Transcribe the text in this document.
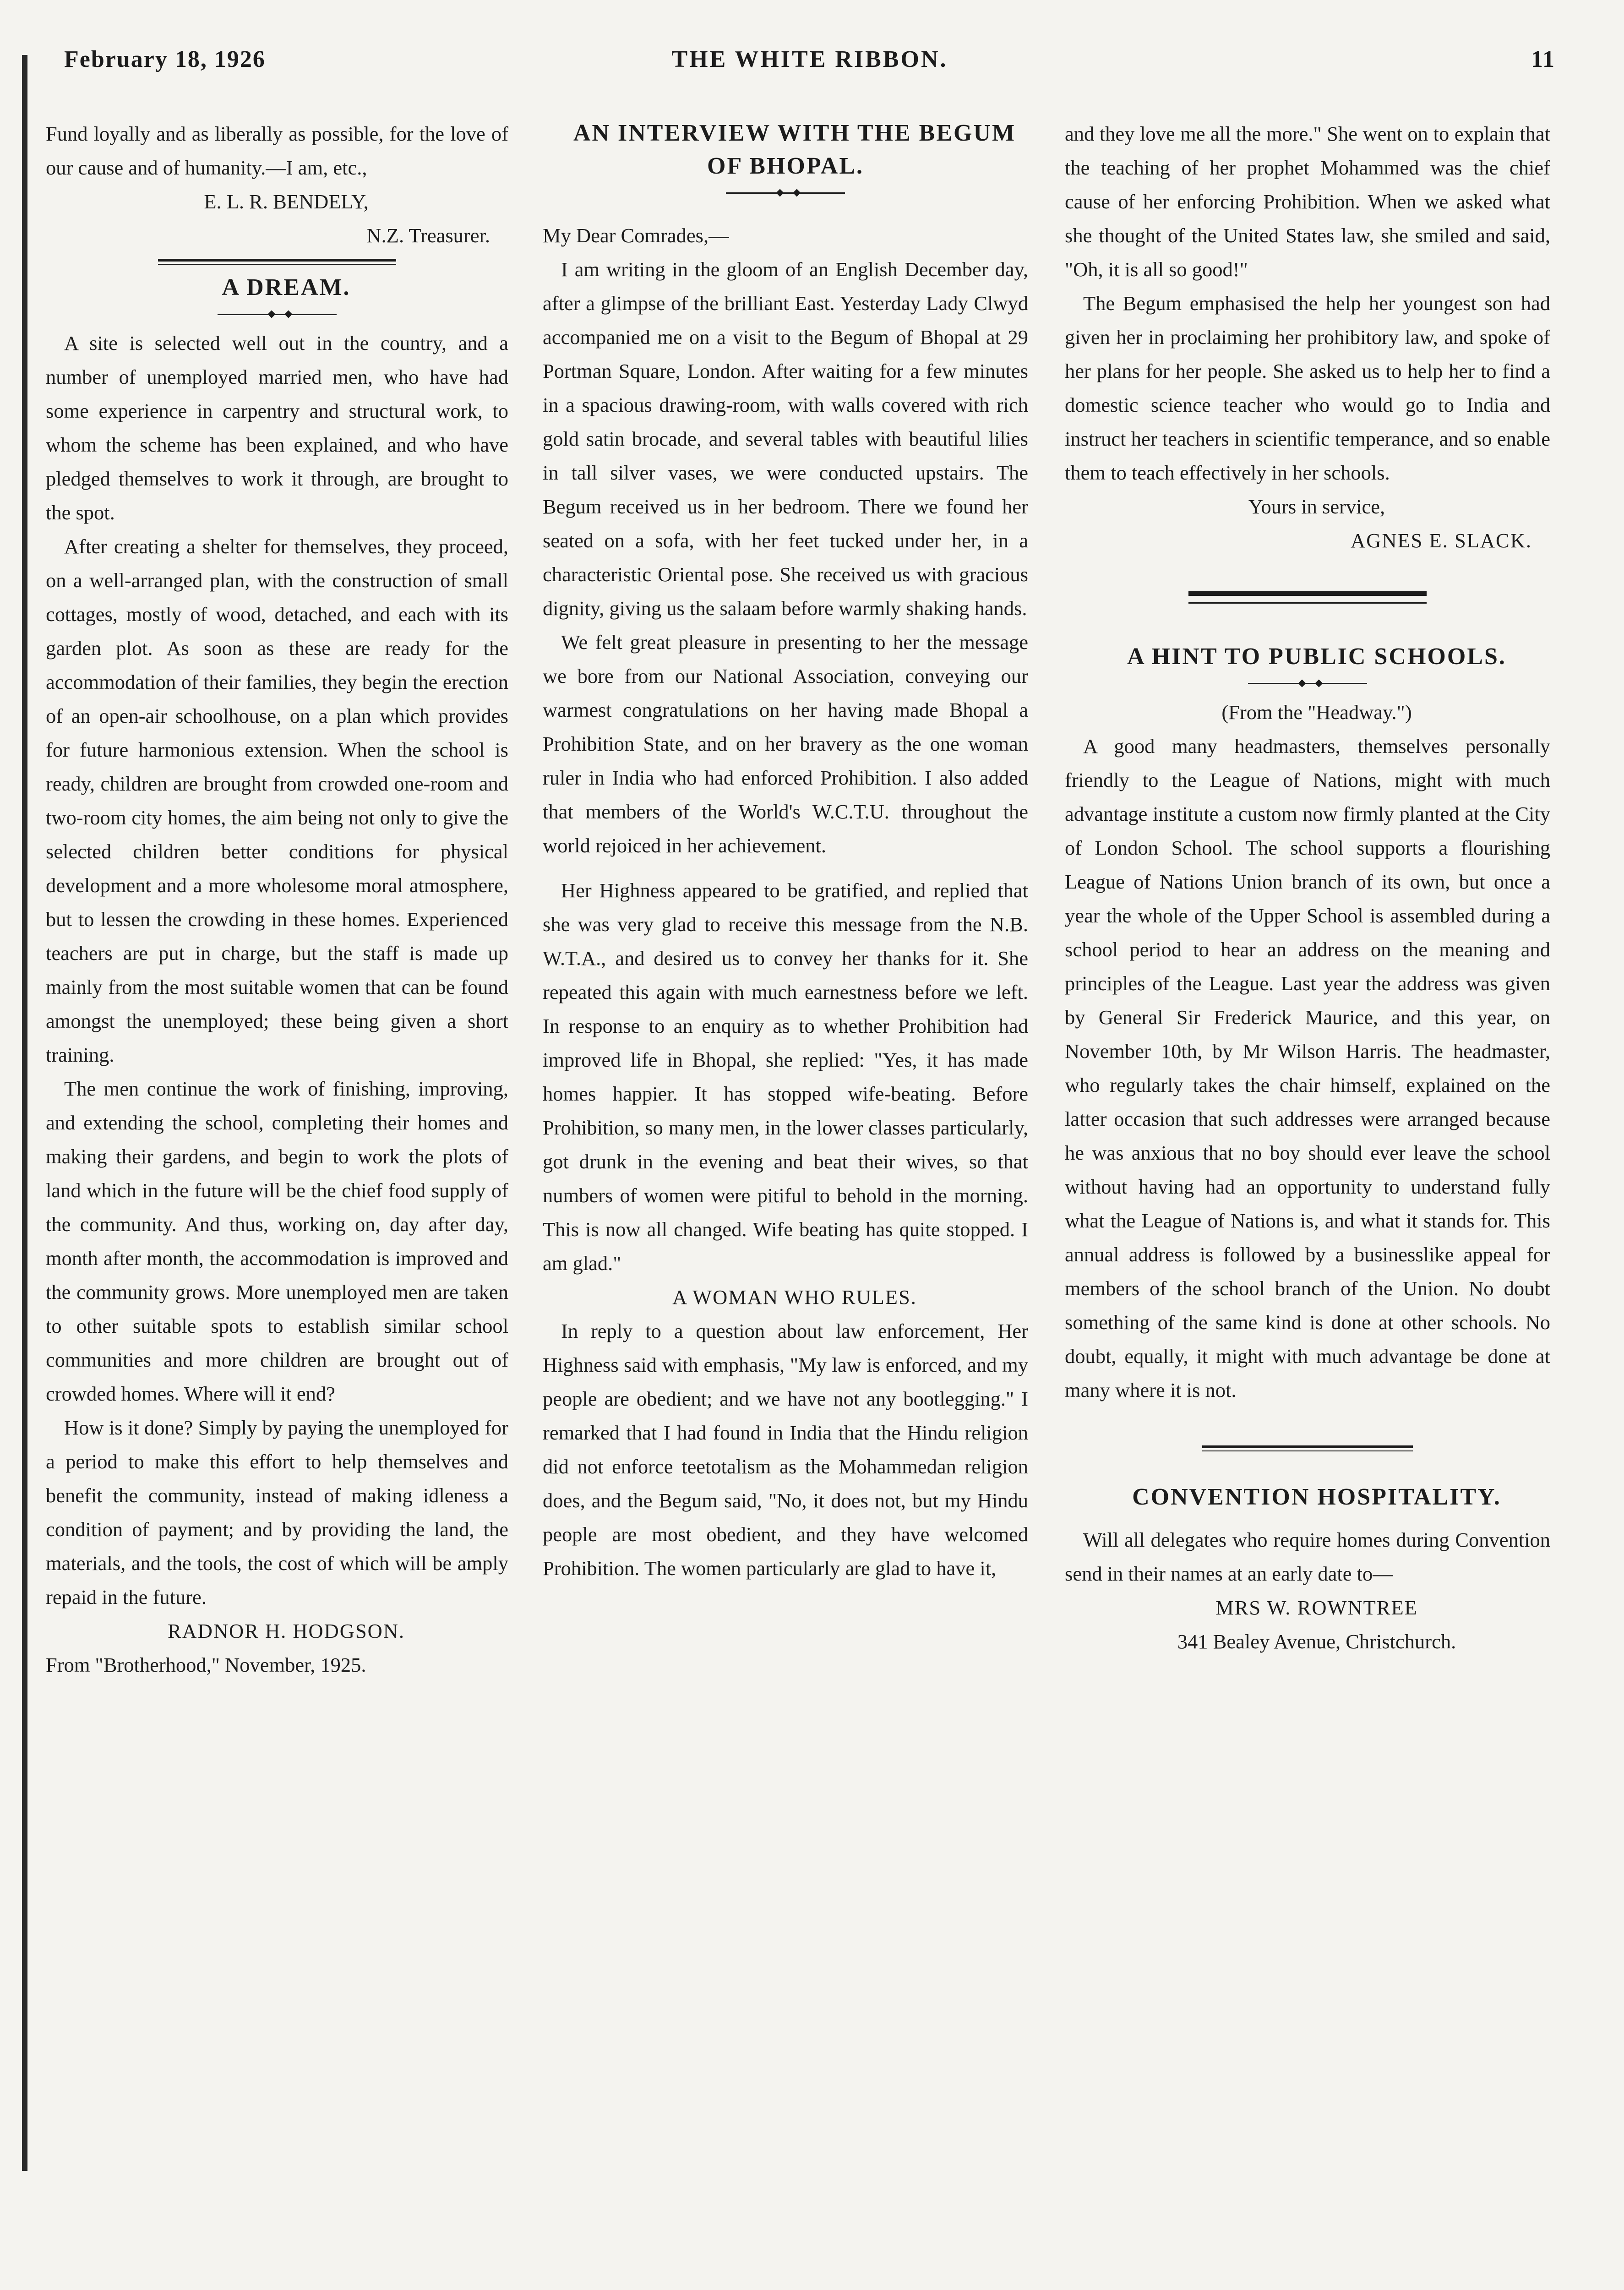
February 18, 1926	THE WHITE RIBBON.	11

Fund loyally and as liberally as possible, for the love of our cause and of humanity.—I am, etc.,

E. L. R. BENDELY,

N.Z. Treasurer.

A DREAM.

A site is selected well out in the country, and a number of unemployed married men, who have had some experience in carpentry and structural work, to whom the scheme has been explained, and who have pledged themselves to work it through, are brought to the spot.

After creating a shelter for themselves, they proceed, on a well-arranged plan, with the construction of small cottages, mostly of wood, detached, and each with its garden plot. As soon as these are ready for the accommodation of their families, they begin the erection of an open-air schoolhouse, on a plan which provides for future harmonious extension. When the school is ready, children are brought from crowded one-room and two-room city homes, the aim being not only to give the selected children better conditions for physical development and a more wholesome moral atmosphere, but to lessen the crowding in these homes. Experienced teachers are put in charge, but the staff is made up mainly from the most suitable women that can be found amongst the unemployed; these being given a short training.

The men continue the work of finishing, improving, and extending the school, completing their homes and making their gardens, and begin to work the plots of land which in the future will be the chief food supply of the community. And thus, working on, day after day, month after month, the accommodation is improved and the community grows. More unemployed men are taken to other suitable spots to establish similar school communities and more children are brought out of crowded homes. Where will it end?

How is it done? Simply by paying the unemployed for a period to make this effort to help themselves and benefit the community, instead of making idleness a condition of payment; and by providing the land, the materials, and the tools, the cost of which will be amply repaid in the future.

RADNOR H. HODGSON.

From "Brotherhood," November, 1925.

AN INTERVIEW WITH THE BEGUM OF BHOPAL.

My Dear Comrades,—

I am writing in the gloom of an English December day, after a glimpse of the brilliant East. Yesterday Lady Clwyd accompanied me on a visit to the Begum of Bhopal at 29 Portman Square, London. After waiting for a few minutes in a spacious drawing-room, with walls covered with rich gold satin brocade, and several tables with beautiful lilies in tall silver vases, we were conducted upstairs. The Begum received us in her bedroom. There we found her seated on a sofa, with her feet tucked under her, in a characteristic Oriental pose. She received us with gracious dignity, giving us the salaam before warmly shaking hands.

We felt great pleasure in presenting to her the message we bore from our National Association, conveying our warmest congratulations on her having made Bhopal a Prohibition State, and on her bravery as the one woman ruler in India who had enforced Prohibition. I also added that members of the World's W.C.T.U. throughout the world rejoiced in her achievement.

Her Highness appeared to be gratified, and replied that she was very glad to receive this message from the N.B. W.T.A., and desired us to convey her thanks for it. She repeated this again with much earnestness before we left. In response to an enquiry as to whether Prohibition had improved life in Bhopal, she replied: "Yes, it has made homes happier. It has stopped wife-beating. Before Prohibition, so many men, in the lower classes particularly, got drunk in the evening and beat their wives, so that numbers of women were pitiful to behold in the morning. This is now all changed. Wife beating has quite stopped. I am glad."

A WOMAN WHO RULES.

In reply to a question about law enforcement, Her Highness said with emphasis, "My law is enforced, and my people are obedient; and we have not any bootlegging." I remarked that I had found in India that the Hindu religion did not enforce teetotalism as the Mohammedan religion does, and the Begum said, "No, it does not, but my Hindu people are most obedient, and they have welcomed Prohibition. The women particularly are glad to have it,

and they love me all the more." She went on to explain that the teaching of her prophet Mohammed was the chief cause of her enforcing Prohibition. When we asked what she thought of the United States law, she smiled and said, "Oh, it is all so good!"

The Begum emphasised the help her youngest son had given her in proclaiming her prohibitory law, and spoke of her plans for her people. She asked us to help her to find a domestic science teacher who would go to India and instruct her teachers in scientific temperance, and so enable them to teach effectively in her schools.

Yours in service,

AGNES E. SLACK.

A HINT TO PUBLIC SCHOOLS.

(From the "Headway.")

A good many headmasters, themselves personally friendly to the League of Nations, might with much advantage institute a custom now firmly planted at the City of London School. The school supports a flourishing League of Nations Union branch of its own, but once a year the whole of the Upper School is assembled during a school period to hear an address on the meaning and principles of the League. Last year the address was given by General Sir Frederick Maurice, and this year, on November 10th, by Mr Wilson Harris. The headmaster, who regularly takes the chair himself, explained on the latter occasion that such addresses were arranged because he was anxious that no boy should ever leave the school without having had an opportunity to understand fully what the League of Nations is, and what it stands for. This annual address is followed by a businesslike appeal for members of the school branch of the Union. No doubt something of the same kind is done at other schools. No doubt, equally, it might with much advantage be done at many where it is not.

CONVENTION HOSPITALITY.

Will all delegates who require homes during Convention send in their names at an early date to—

MRS W. ROWNTREE

341 Bealey Avenue, Christchurch.
